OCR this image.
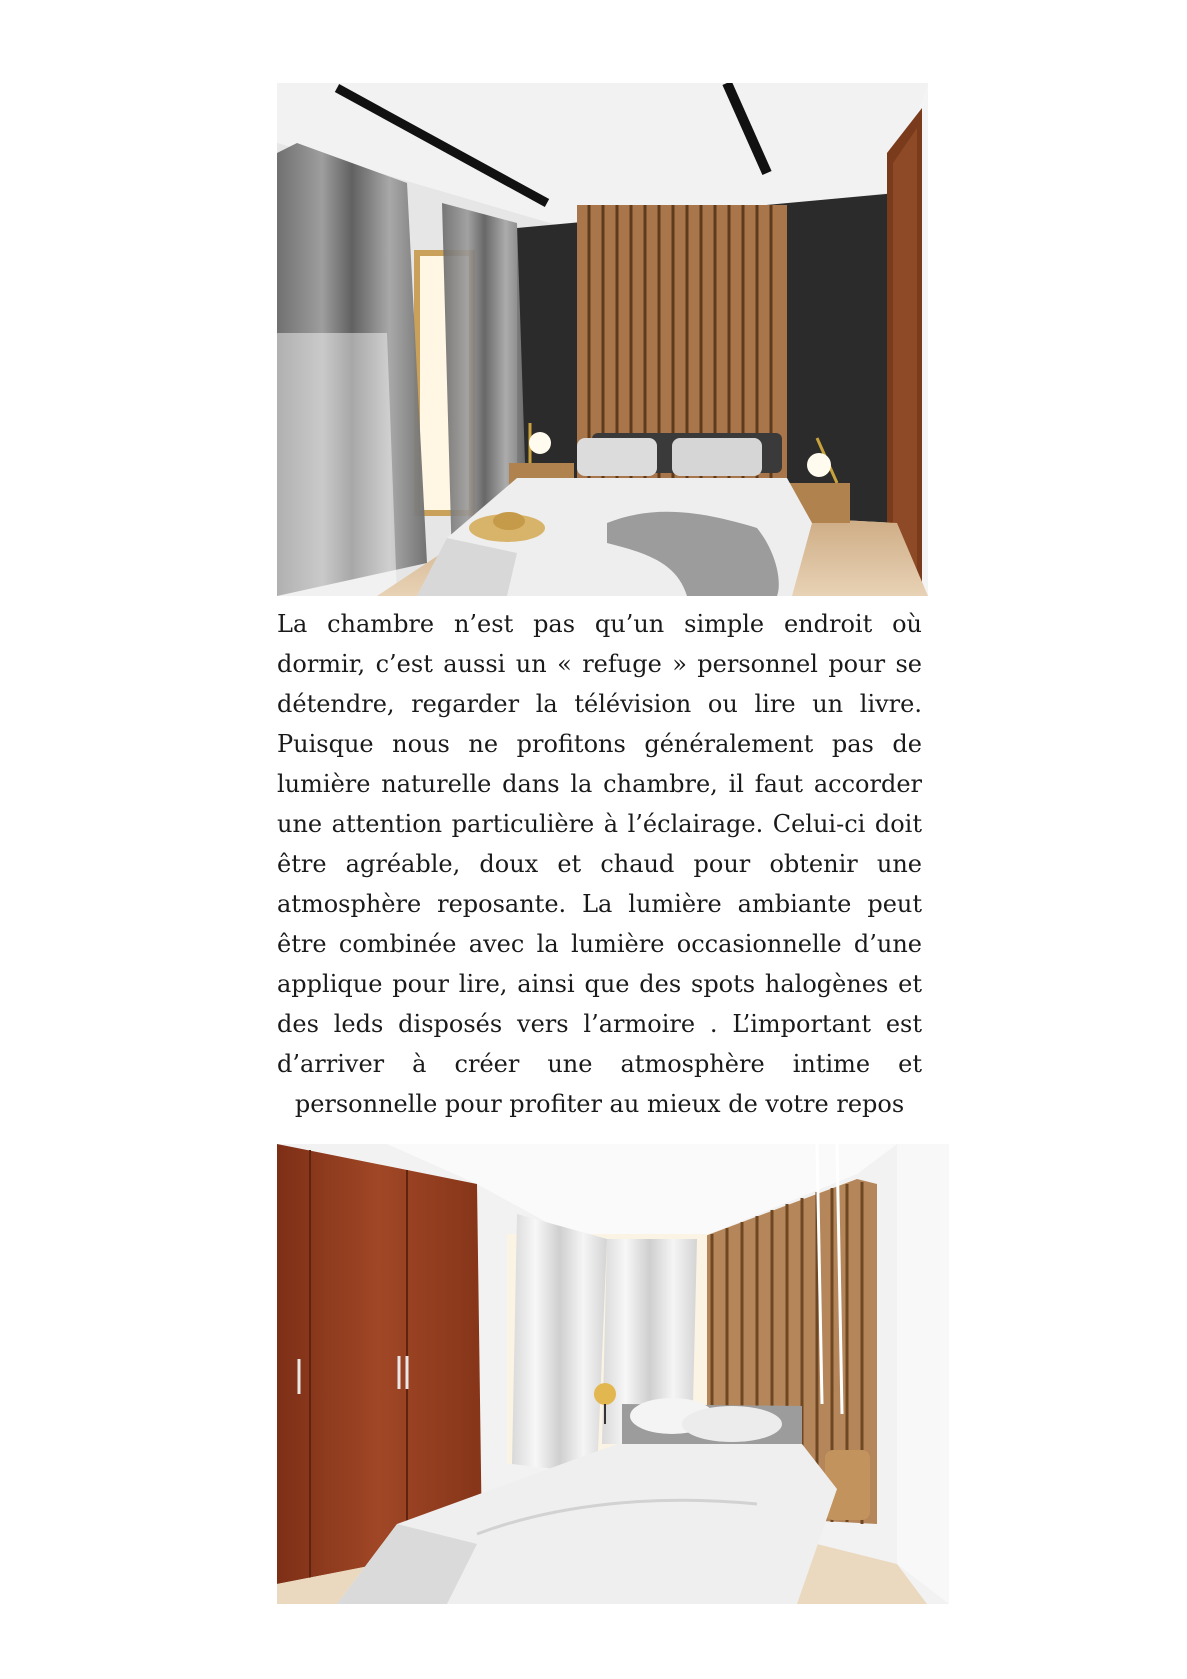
La chambre n’est pas qu’un simple endroit où dormir, c’est aussi un « refuge » personnel pour se détendre, regarder la télévision ou lire un livre. Puisque nous ne profitons généralement pas de lumière naturelle dans la chambre, il faut accorder une attention particulière à l’éclairage. Celui-ci doit être agréable, doux et chaud pour obtenir une atmosphère reposante. La lumière ambiante peut être combinée avec la lumière occasionnelle d’une applique pour lire, ainsi que des spots halogènes et des leds disposés vers l’armoire . L’important est d’arriver à créer une atmosphère intime et personnelle pour profiter au mieux de votre repos
